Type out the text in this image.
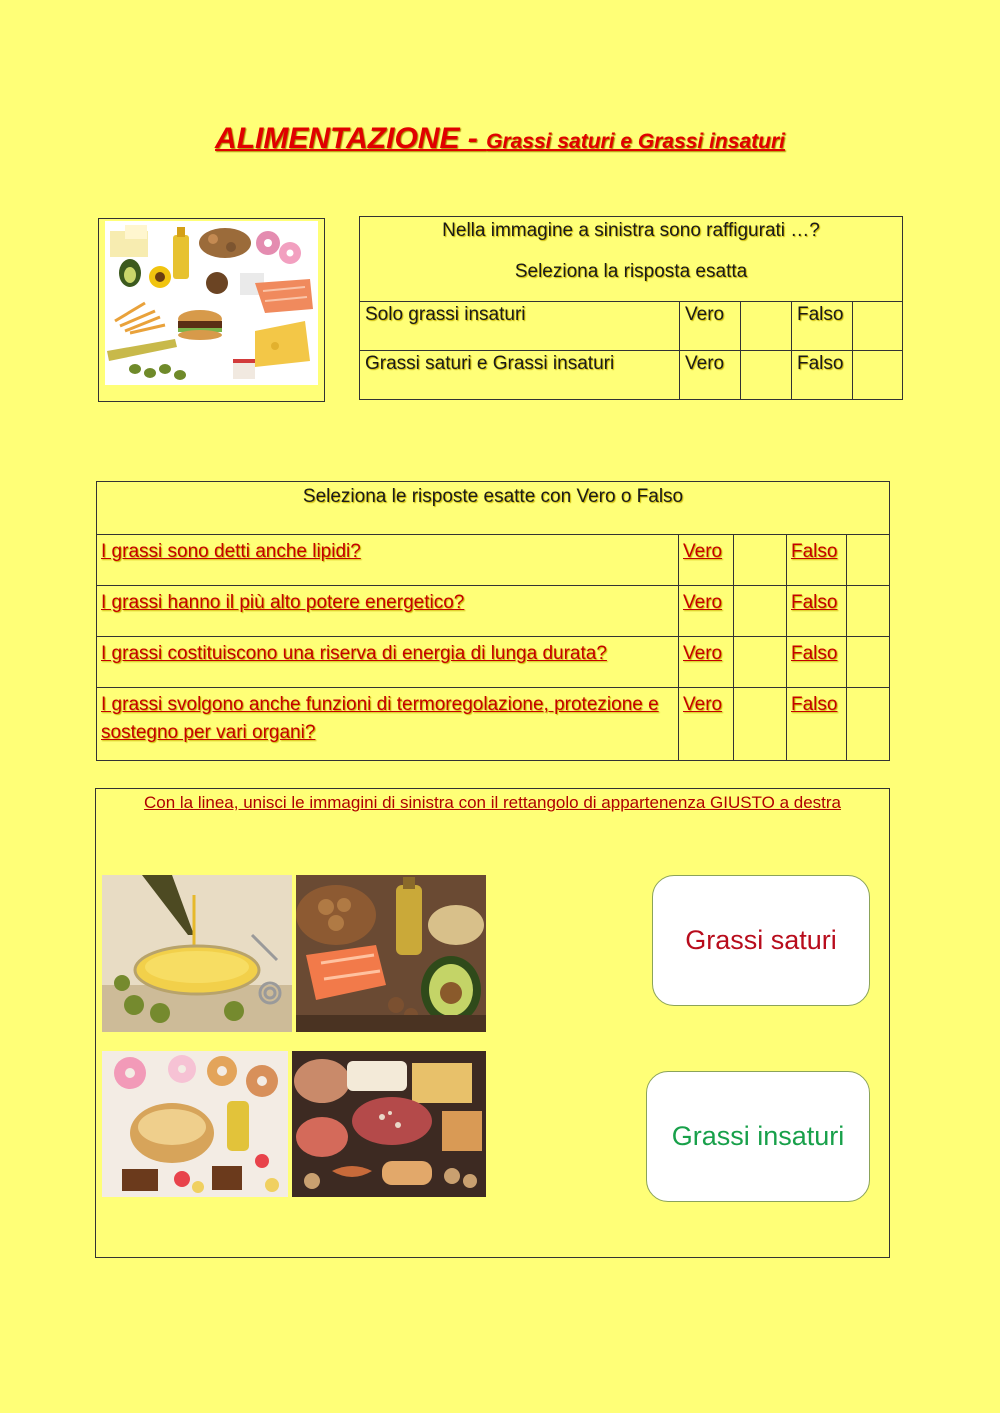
ALIMENTAZIONE - Grassi saturi e Grassi insaturi
Nella immagine a sinistra sono raffigurati …?
Seleziona la risposta esatta				

Solo grassi insaturi	Vero		Falso	
Grassi saturi e Grassi insaturi	Vero		Falso	
Seleziona le risposte esatte con Vero o Falso				
I grassi sono detti anche lipidi?	Vero		Falso	
I grassi hanno il più alto potere energetico?	Vero		Falso	
I grassi costituiscono una riserva di energia di lunga durata?	Vero		Falso	
I grassi svolgono anche funzioni di termoregolazione, protezione e sostegno per vari organi?	Vero		Falso	
Con la linea, unisci le immagini di sinistra con il rettangolo di appartenenza GIUSTO a destra
Grassi saturi
Grassi insaturi
